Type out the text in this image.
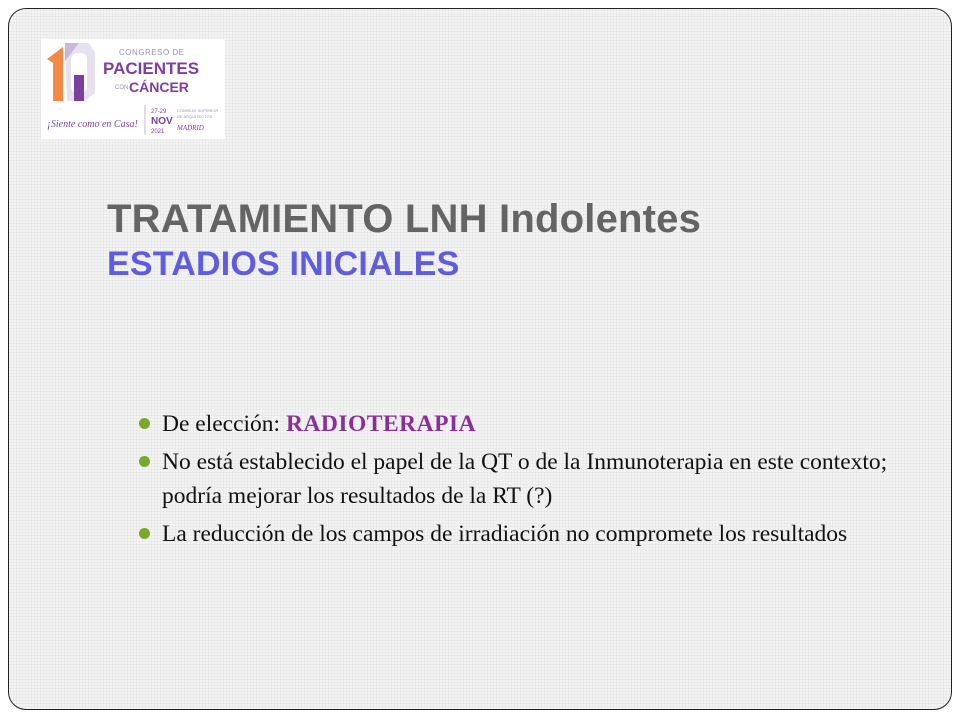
CONGRESO DE
PACIENTES
CON CÁNCER
¡Siente como en Casa!
27-29
NOV
2021
CONSEJO SUPERIOR
DE ARQUITECTOS
MADRID
TRATAMIENTO LNH Indolentes
ESTADIOS INICIALES
De elección: RADIOTERAPIA
No está establecido el papel de la QT o de la Inmunoterapia en este contexto; podría mejorar los resultados de la RT (?)
La reducción de los campos de irradiación no compromete los resultados
